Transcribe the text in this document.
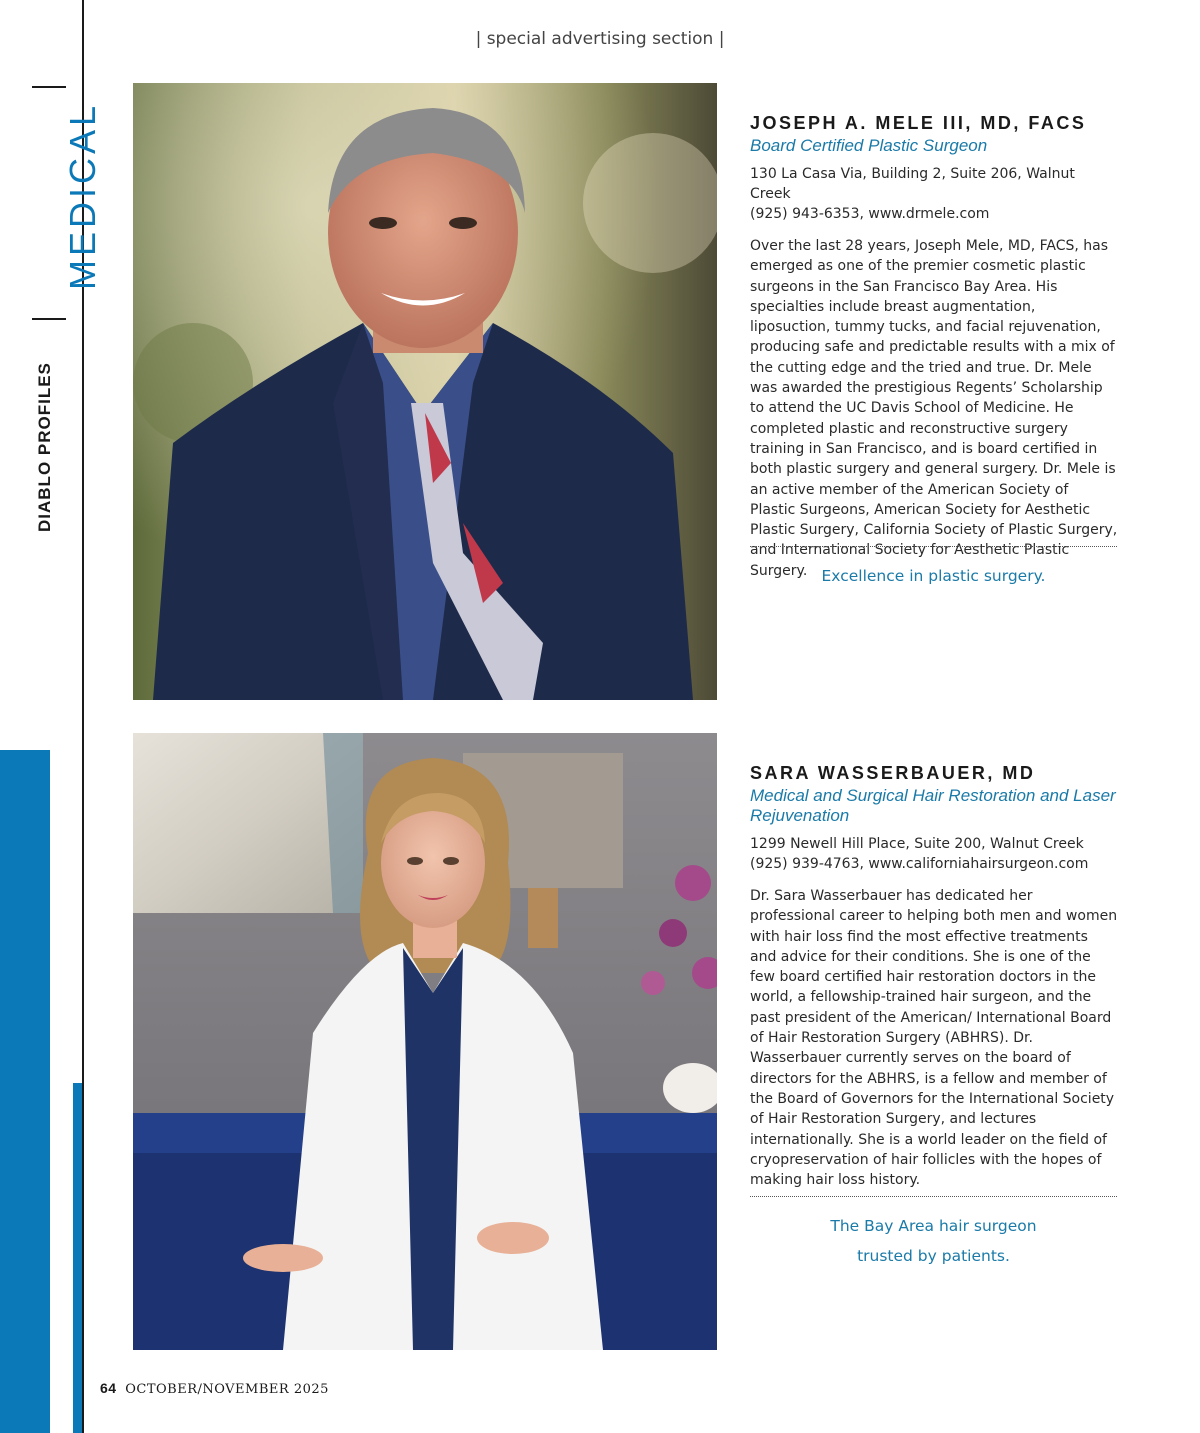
MEDICAL
DIABLO PROFILES
| special advertising section |
JOSEPH A. MELE III, MD, FACS
Board Certified Plastic Surgeon
130 La Casa Via, Building 2, Suite 206, Walnut Creek
(925) 943-6353, www.drmele.com

Over the last 28 years, Joseph Mele, MD, FACS, has emerged as one of the premier cosmetic plastic surgeons in the San Francisco Bay Area. His specialties include breast augmentation, liposuction, tummy tucks, and facial rejuvenation, producing safe and predictable results with a mix of the cutting edge and the tried and true. Dr. Mele was awarded the prestigious Regents’ Scholarship to attend the UC Davis School of Medicine. He completed plastic and reconstructive surgery training in San Francisco, and is board certified in both plastic surgery and general surgery. Dr. Mele is an active member of the American Society of Plastic Surgeons, American Society for Aesthetic Plastic Surgery, California Society of Plastic Surgery, and International Society for Aesthetic Plastic Surgery. Excellence in plastic surgery.
SARA WASSERBAUER, MD
Medical and Surgical Hair Restoration and Laser Rejuvenation
1299 Newell Hill Place, Suite 200, Walnut Creek
(925) 939-4763, www.californiahairsurgeon.com

Dr. Sara Wasserbauer has dedicated her professional career to helping both men and women with hair loss find the most effective treatments and advice for their conditions. She is one of the few board certified hair restoration doctors in the world, a fellowship-trained hair surgeon, and the past president of the American/ International Board of Hair Restoration Surgery (ABHRS). Dr. Wasserbauer currently serves on the board of directors for the ABHRS, is a fellow and member of the Board of Governors for the International Society of Hair Restoration Surgery, and lectures internationally. She is a world leader on the field of cryopreservation of hair follicles with the hopes of making hair loss history.

The Bay Area hair surgeon
trusted by patients.
64 OCTOBER/NOVEMBER 2025
